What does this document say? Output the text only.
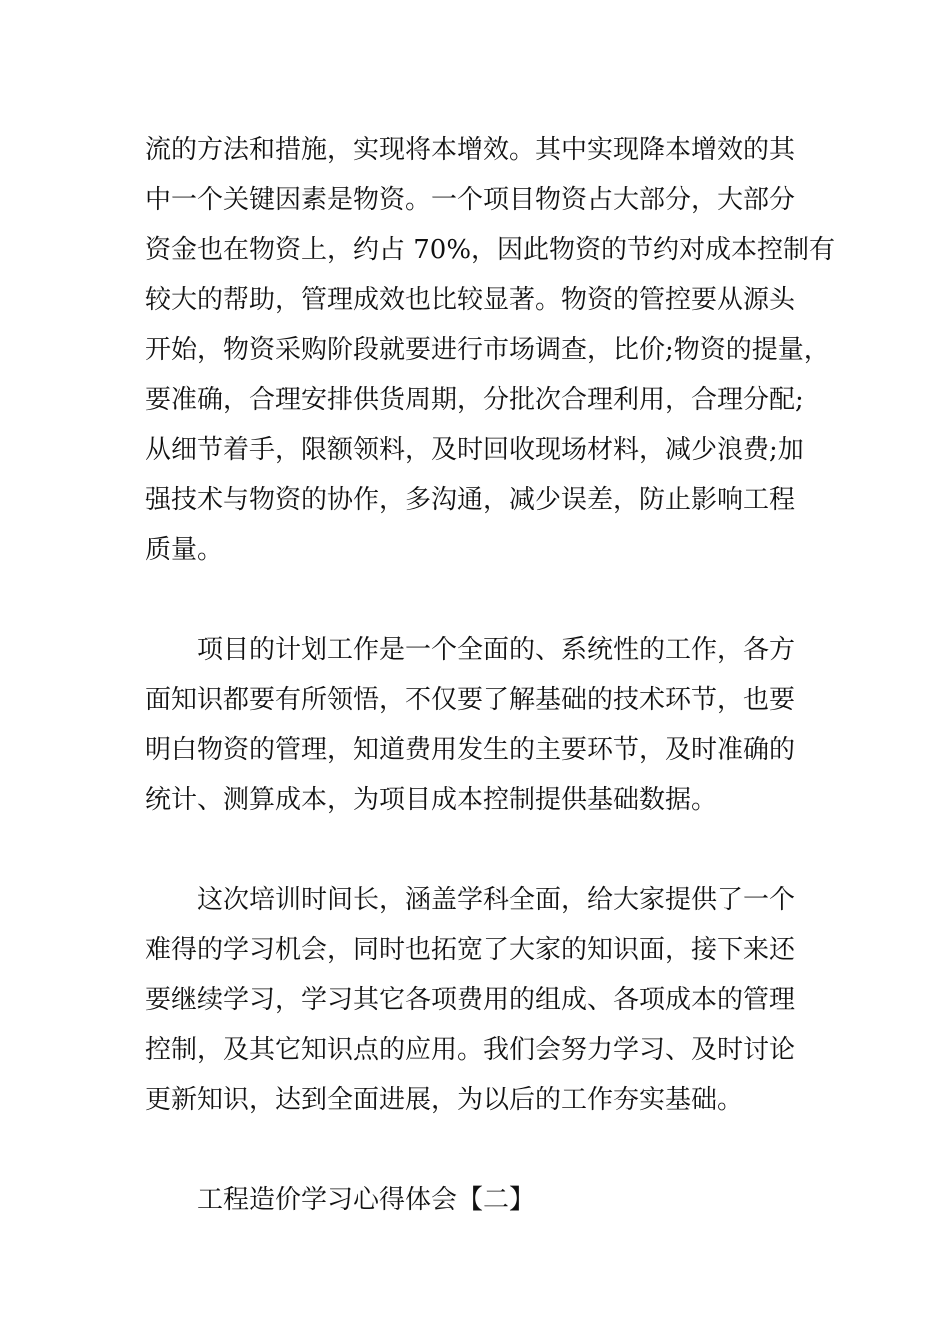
流的方法和措施，实现将本增效。其中实现降本增效的其
中一个关键因素是物资。一个项目物资占大部分，大部分
资金也在物资上，约占 70%，因此物资的节约对成本控制有
较大的帮助，管理成效也比较显著。物资的管控要从源头
开始，物资采购阶段就要进行市场调查，比价;物资的提量，
要准确，合理安排供货周期，分批次合理利用，合理分配;
从细节着手，限额领料，及时回收现场材料，减少浪费;加
强技术与物资的协作，多沟通，减少误差，防止影响工程
质量。
项目的计划工作是一个全面的、系统性的工作，各方
面知识都要有所领悟，不仅要了解基础的技术环节，也要
明白物资的管理，知道费用发生的主要环节，及时准确的
统计、测算成本，为项目成本控制提供基础数据。
这次培训时间长，涵盖学科全面，给大家提供了一个
难得的学习机会，同时也拓宽了大家的知识面，接下来还
要继续学习，学习其它各项费用的组成、各项成本的管理
控制，及其它知识点的应用。我们会努力学习、及时讨论
更新知识，达到全面进展，为以后的工作夯实基础。
工程造价学习心得体会【二】
